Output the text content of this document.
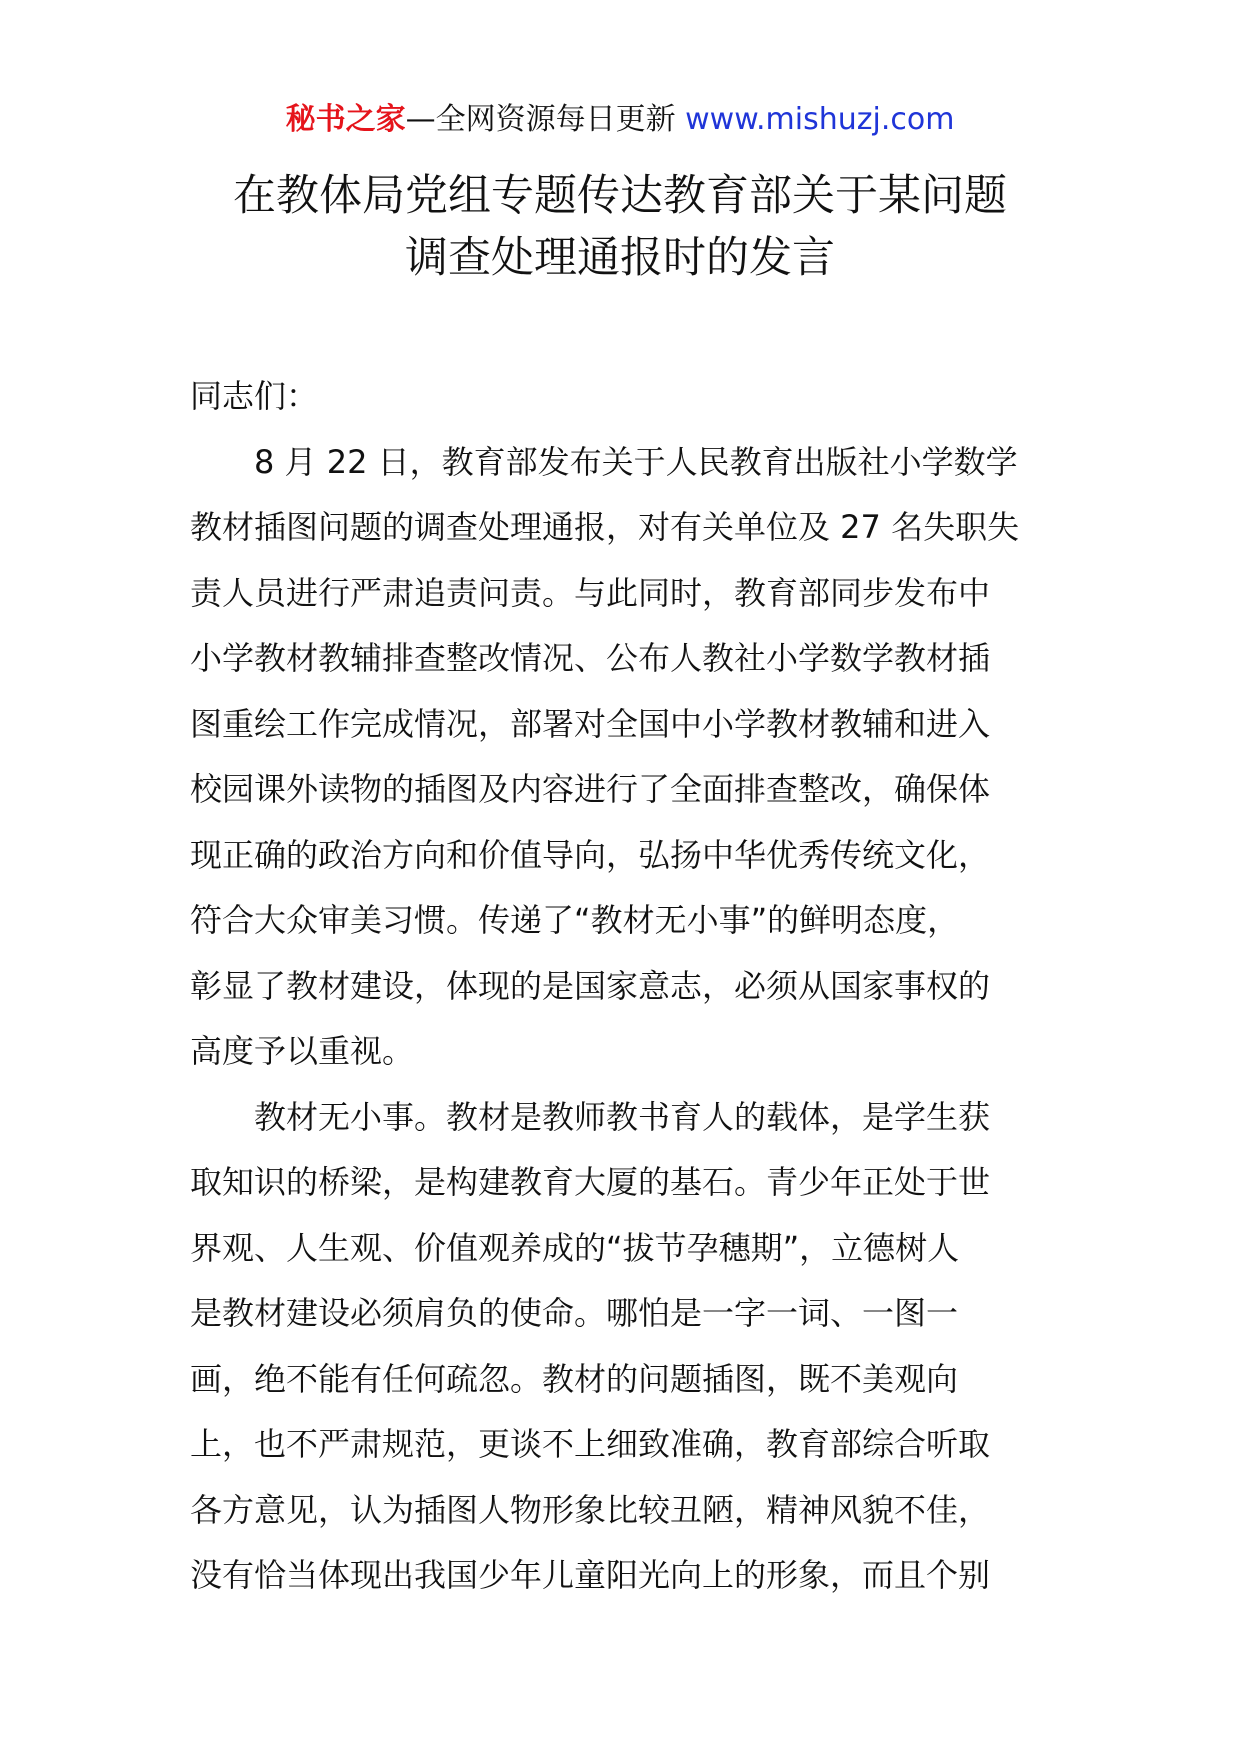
秘书之家—全网资源每日更新 www.mishuzj.com
在教体局党组专题传达教育部关于某问题
调查处理通报时的发言
同志们：
8 月 22 日，教育部发布关于人民教育出版社小学数学
教材插图问题的调查处理通报，对有关单位及 27 名失职失
责人员进行严肃追责问责。与此同时，教育部同步发布中
小学教材教辅排查整改情况、公布人教社小学数学教材插
图重绘工作完成情况，部署对全国中小学教材教辅和进入
校园课外读物的插图及内容进行了全面排查整改，确保体
现正确的政治方向和价值导向，弘扬中华优秀传统文化，
符合大众审美习惯。传递了“教材无小事”的鲜明态度，
彰显了教材建设，体现的是国家意志，必须从国家事权的
高度予以重视。
教材无小事。教材是教师教书育人的载体，是学生获
取知识的桥梁，是构建教育大厦的基石。青少年正处于世
界观、人生观、价值观养成的“拔节孕穗期”，立德树人
是教材建设必须肩负的使命。哪怕是一字一词、一图一
画，绝不能有任何疏忽。教材的问题插图，既不美观向
上，也不严肃规范，更谈不上细致准确，教育部综合听取
各方意见，认为插图人物形象比较丑陋，精神风貌不佳，
没有恰当体现出我国少年儿童阳光向上的形象，而且个别
